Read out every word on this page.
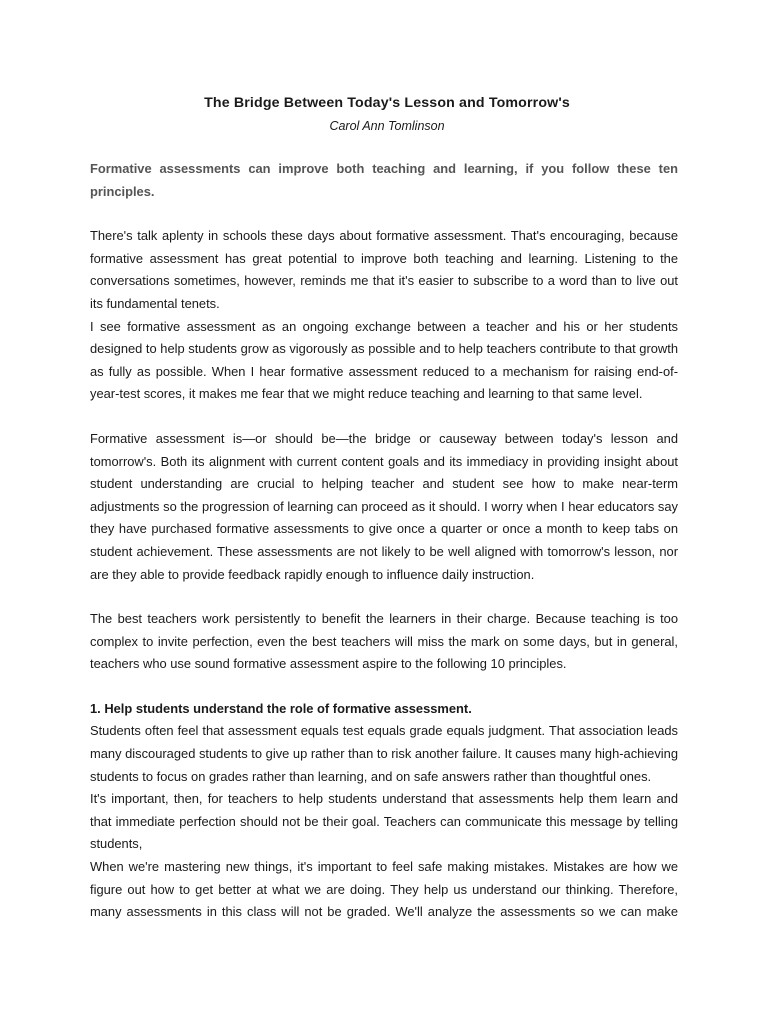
The Bridge Between Today's Lesson and Tomorrow's
Carol Ann Tomlinson

Formative assessments can improve both teaching and learning, if you follow these ten principles.

There's talk aplenty in schools these days about formative assessment. That's encouraging, because formative assessment has great potential to improve both teaching and learning. Listening to the conversations sometimes, however, reminds me that it's easier to subscribe to a word than to live out its fundamental tenets.

I see formative assessment as an ongoing exchange between a teacher and his or her students designed to help students grow as vigorously as possible and to help teachers contribute to that growth as fully as possible. When I hear formative assessment reduced to a mechanism for raising end-of-year-test scores, it makes me fear that we might reduce teaching and learning to that same level.

Formative assessment is—or should be—the bridge or causeway between today's lesson and tomorrow's. Both its alignment with current content goals and its immediacy in providing insight about student understanding are crucial to helping teacher and student see how to make near-term adjustments so the progression of learning can proceed as it should. I worry when I hear educators say they have purchased formative assessments to give once a quarter or once a month to keep tabs on student achievement. These assessments are not likely to be well aligned with tomorrow's lesson, nor are they able to provide feedback rapidly enough to influence daily instruction.

The best teachers work persistently to benefit the learners in their charge. Because teaching is too complex to invite perfection, even the best teachers will miss the mark on some days, but in general, teachers who use sound formative assessment aspire to the following 10 principles.

1. Help students understand the role of formative assessment.

Students often feel that assessment equals test equals grade equals judgment. That association leads many discouraged students to give up rather than to risk another failure. It causes many high-achieving students to focus on grades rather than learning, and on safe answers rather than thoughtful ones.

It's important, then, for teachers to help students understand that assessments help them learn and that immediate perfection should not be their goal. Teachers can communicate this message by telling students,

When we're mastering new things, it's important to feel safe making mistakes. Mistakes are how we figure out how to get better at what we are doing. They help us understand our thinking. Therefore, many assessments in this class will not be graded. We'll analyze the assessments so we can make
